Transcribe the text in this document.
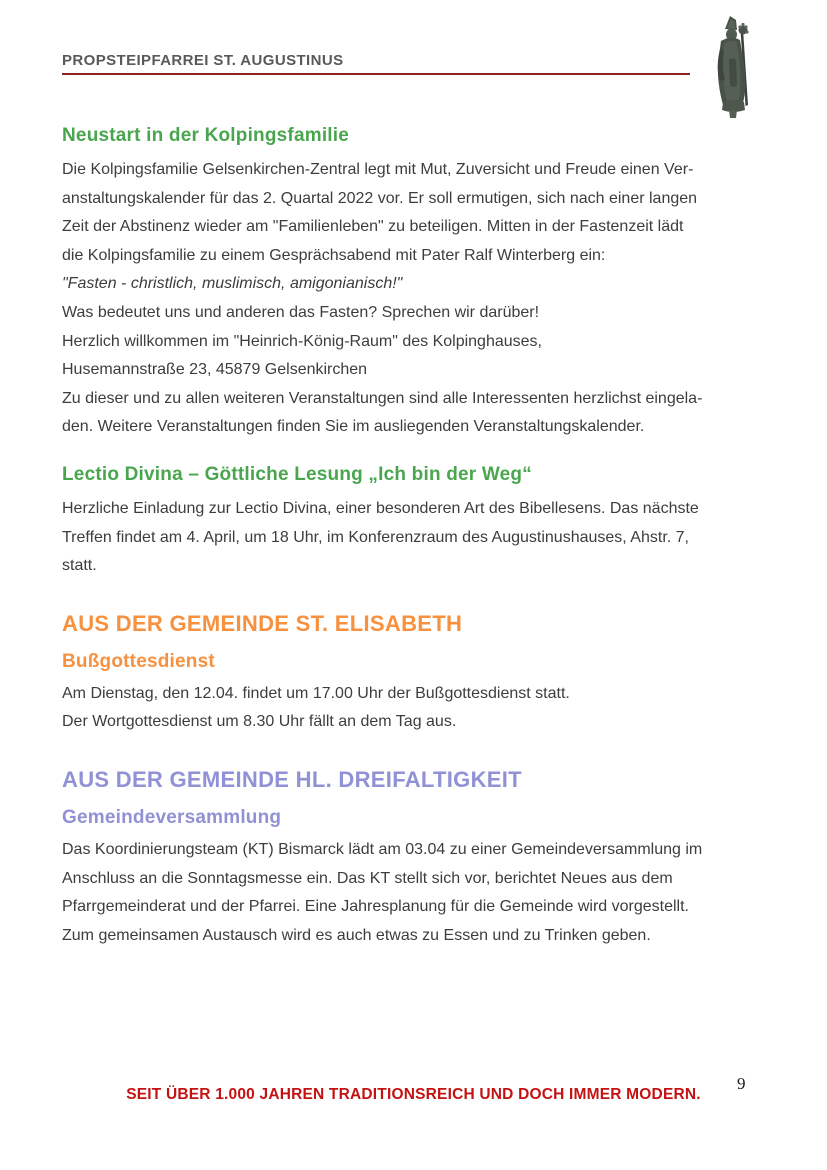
PROPSTEIPFARREI ST. AUGUSTINUS
Neustart in der Kolpingsfamilie
Die Kolpingsfamilie Gelsenkirchen-Zentral legt mit Mut, Zuversicht und Freude einen Ver-
anstaltungskalender für das 2. Quartal 2022 vor. Er soll ermutigen, sich nach einer langen
Zeit der Abstinenz wieder am "Familienleben" zu beteiligen. Mitten in der Fastenzeit lädt
die Kolpingsfamilie zu einem Gesprächsabend mit Pater Ralf Winterberg ein:
"Fasten - christlich, muslimisch, amigonianisch!"
Was bedeutet uns und anderen das Fasten? Sprechen wir darüber!
Herzlich willkommen im "Heinrich-König-Raum" des Kolpinghauses,
Husemannstraße 23, 45879 Gelsenkirchen
Zu dieser und zu allen weiteren Veranstaltungen sind alle Interessenten herzlichst eingela-
den. Weitere Veranstaltungen finden Sie im ausliegenden Veranstaltungskalender.
Lectio Divina – Göttliche Lesung „Ich bin der Weg“
Herzliche Einladung zur Lectio Divina, einer besonderen Art des Bibellesens. Das nächste
Treffen findet am 4. April, um 18 Uhr, im Konferenzraum des Augustinushauses, Ahstr. 7,
statt.
AUS DER GEMEINDE ST. ELISABETH
Bußgottesdienst
Am Dienstag, den 12.04. findet um 17.00 Uhr der Bußgottesdienst statt.
Der Wortgottesdienst um 8.30 Uhr fällt an dem Tag aus.
AUS DER GEMEINDE HL. DREIFALTIGKEIT
Gemeindeversammlung
Das Koordinierungsteam (KT) Bismarck lädt am 03.04 zu einer Gemeindeversammlung im
Anschluss an die Sonntagsmesse ein. Das KT stellt sich vor, berichtet Neues aus dem
Pfarrgemeinderat und der Pfarrei. Eine Jahresplanung für die Gemeinde wird vorgestellt.
Zum gemeinsamen Austausch wird es auch etwas zu Essen und zu Trinken geben.
SEIT ÜBER 1.000 JAHREN TRADITIONSREICH UND DOCH IMMER MODERN.
9
